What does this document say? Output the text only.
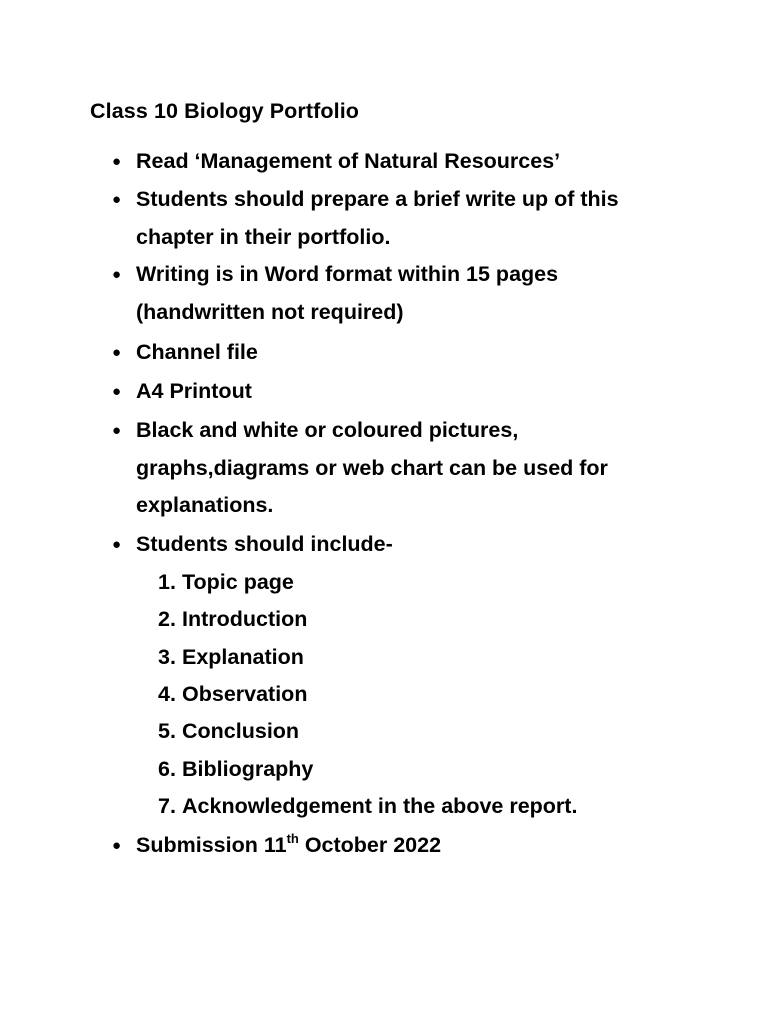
Class 10 Biology Portfolio
● Read ‘Management of Natural Resources’
● Students should prepare a brief write up of this chapter in their portfolio.
● Writing is in Word format within 15 pages (handwritten not required)
● Channel file
● A4 Printout
● Black and white or coloured pictures, graphs,diagrams or web chart can be used for explanations.
● Students should include-
1. Topic page
2. Introduction
3. Explanation
4. Observation
5. Conclusion
6. Bibliography
7. Acknowledgement in the above report.
● Submission 11th October 2022
